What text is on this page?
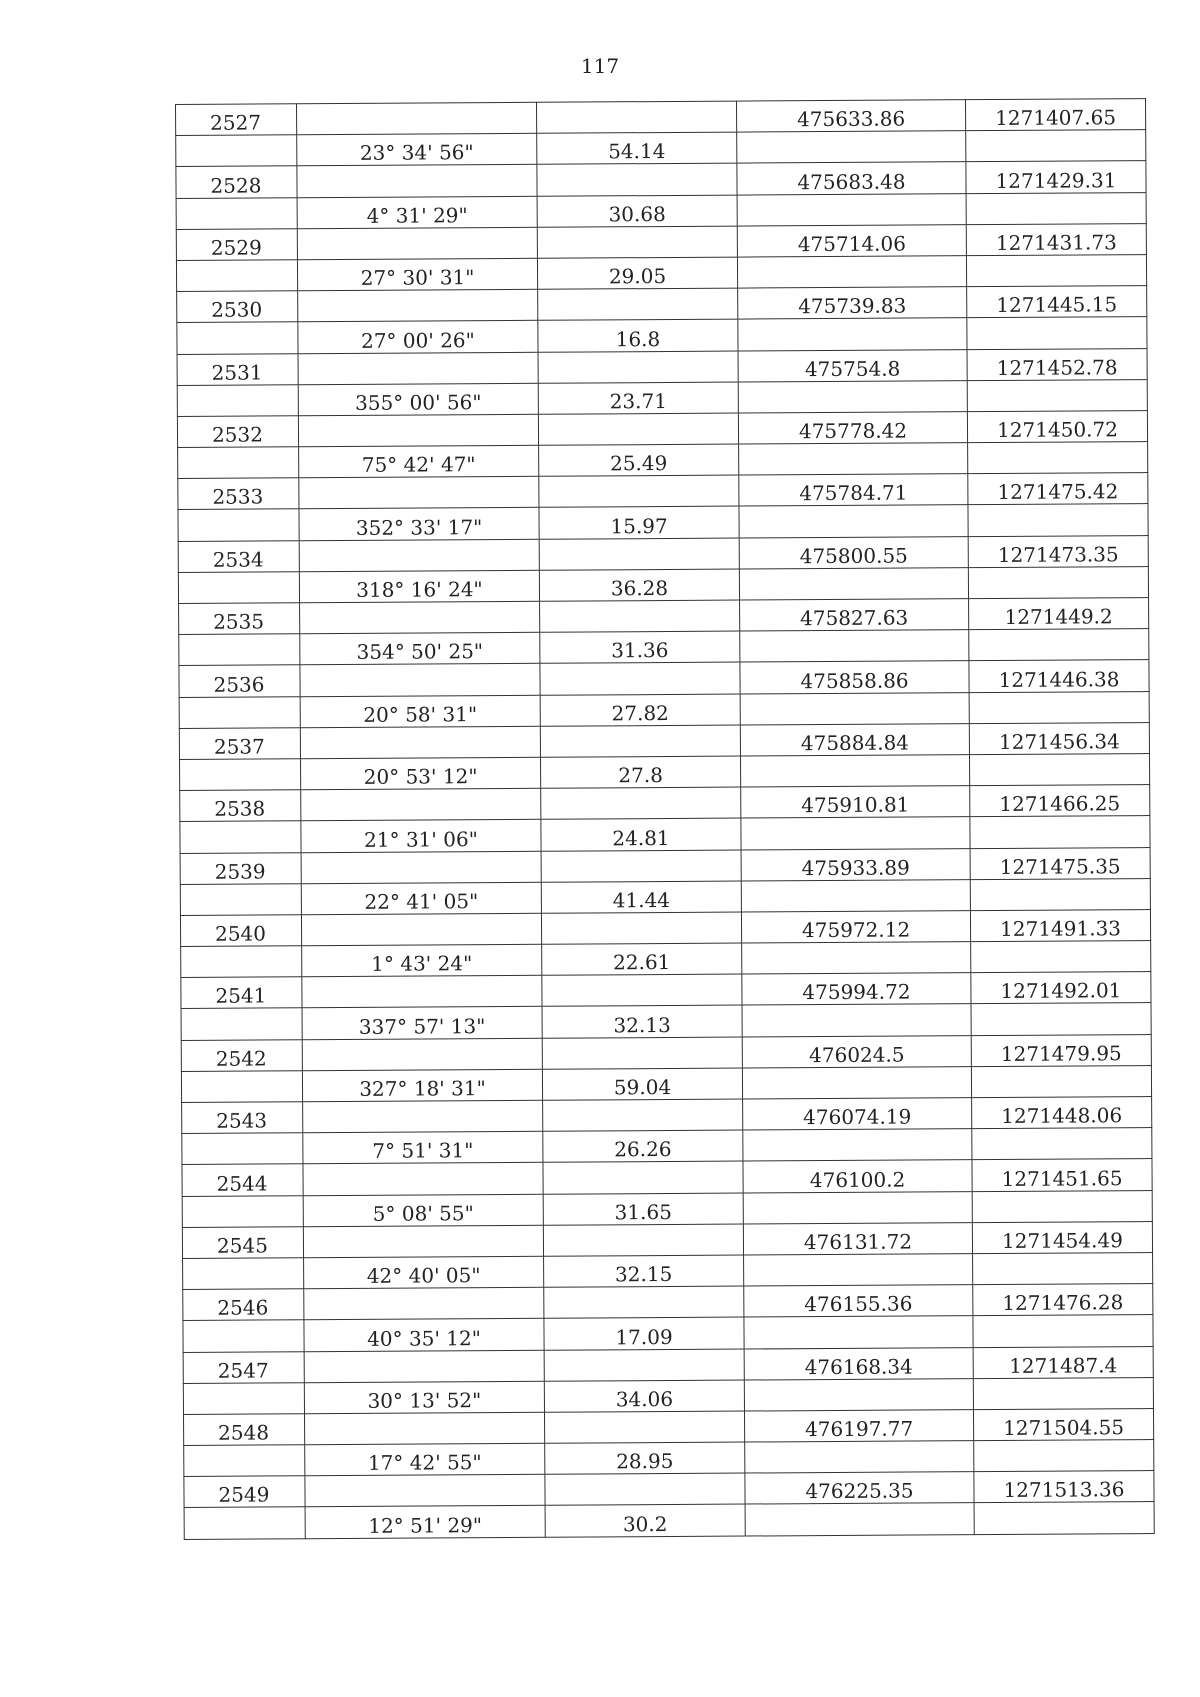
117
2527			475633.86	1271407.65

	23° 34' 56"	54.14		

2528			475683.48	1271429.31

	4° 31' 29"	30.68		

2529			475714.06	1271431.73

	27° 30' 31"	29.05		

2530			475739.83	1271445.15

	27° 00' 26"	16.8		

2531			475754.8	1271452.78

	355° 00' 56"	23.71		

2532			475778.42	1271450.72

	75° 42' 47"	25.49		

2533			475784.71	1271475.42

	352° 33' 17"	15.97		

2534			475800.55	1271473.35

	318° 16' 24"	36.28		

2535			475827.63	1271449.2

	354° 50' 25"	31.36		

2536			475858.86	1271446.38

	20° 58' 31"	27.82		

2537			475884.84	1271456.34

	20° 53' 12"	27.8		

2538			475910.81	1271466.25

	21° 31' 06"	24.81		

2539			475933.89	1271475.35

	22° 41' 05"	41.44		

2540			475972.12	1271491.33

	1° 43' 24"	22.61		

2541			475994.72	1271492.01

	337° 57' 13"	32.13		

2542			476024.5	1271479.95

	327° 18' 31"	59.04		

2543			476074.19	1271448.06

	7° 51' 31"	26.26		

2544			476100.2	1271451.65

	5° 08' 55"	31.65		

2545			476131.72	1271454.49

	42° 40' 05"	32.15		

2546			476155.36	1271476.28

	40° 35' 12"	17.09		

2547			476168.34	1271487.4

	30° 13' 52"	34.06		

2548			476197.77	1271504.55

	17° 42' 55"	28.95		

2549			476225.35	1271513.36

	12° 51' 29"	30.2		
